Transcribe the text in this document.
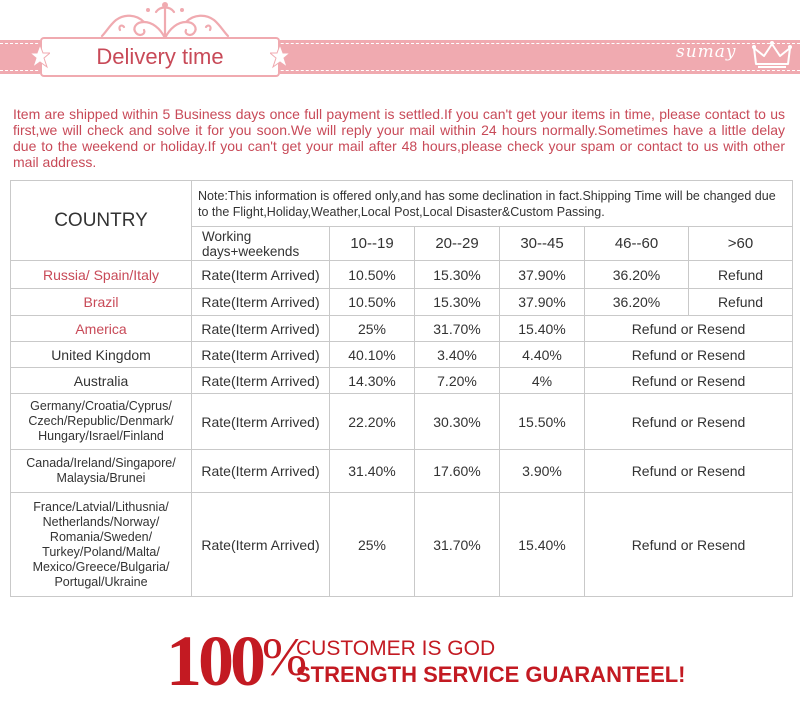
Delivery time	sumay
Item are shipped within 5 Business days once full payment is settled.If you can't get your items in time, please contact to us first,we will check and solve it for you soon.We will reply your mail within 24 hours normally.Sometimes have a little delay due to the weekend or holiday.If you can't get your mail after 48 hours,please check your spam or contact to us with other mail address.
COUNTRY	Note:This information is offered only,and has some declination in fact.Shipping Time will be changed due to the Flight,Holiday,Weather,Local Post,Local Disaster&Custom Passing.					
	Working days+weekends	10--19	20--29	30--45	46--60	>60
Russia/ Spain/Italy	Rate(Iterm Arrived)	10.50%	15.30%	37.90%	36.20%	Refund
Brazil	Rate(Iterm Arrived)	10.50%	15.30%	37.90%	36.20%	Refund
America	Rate(Iterm Arrived)	25%	31.70%	15.40%	Refund or Resend	
United Kingdom	Rate(Iterm Arrived)	40.10%	3.40%	4.40%	Refund or Resend	
Australia	Rate(Iterm Arrived)	14.30%	7.20%	4%	Refund or Resend	
Germany/Croatia/Cyprus/ Czech/Republic/Denmark/ Hungary/Israel/Finland	Rate(Iterm Arrived)	22.20%	30.30%	15.50%	Refund or Resend	
Canada/Ireland/Singapore/ Malaysia/Brunei	Rate(Iterm Arrived)	31.40%	17.60%	3.90%	Refund or Resend	
France/Latvial/Lithusnia/ Netherlands/Norway/ Romania/Sweden/ Turkey/Poland/Malta/ Mexico/Greece/Bulgaria/ Portugal/Ukraine	Rate(Iterm Arrived)	25%	31.70%	15.40%	Refund or Resend	
100 %
CUSTOMER IS GOD
STRENGTH SERVICE GUARANTEEL!
